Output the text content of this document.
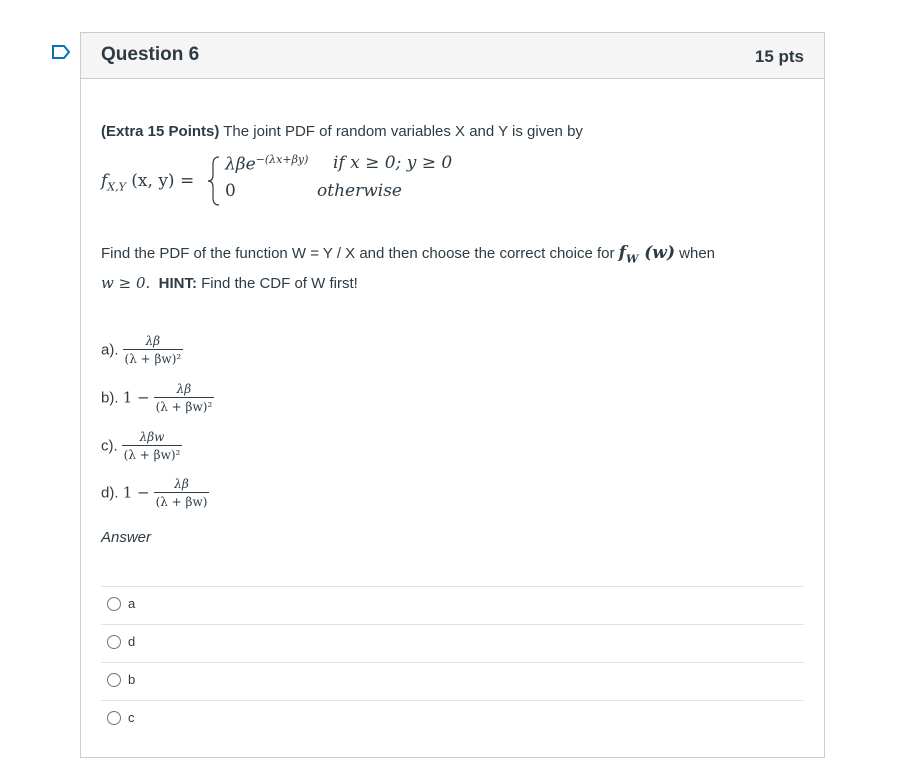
Question 6	15 pts
(Extra 15 Points) The joint PDF of random variables X and Y is given by
$f_{X,Y}$ (x, y) =
λβe$^{-(\lambda x+\beta y)}$ if x ≥ 0; y ≥ 0
0	otherwise
Find the PDF of the function W = Y / X and then choose the correct choice for $f_W$ (w) when
w ≥ 0. HINT: Find the CDF of W first!
a). $\frac{\lambda\beta}{\text{(λ + βw)²}}$
b). $1 - \frac{\lambda\beta}{\text{(λ + βw)²}}$
c). $\frac{\text{λβw}}{\text{(λ + βw)²}}$
d). $1 - \frac{\lambda\beta}{(\lambda + \beta w)}$
Answer
a
d
b
c
